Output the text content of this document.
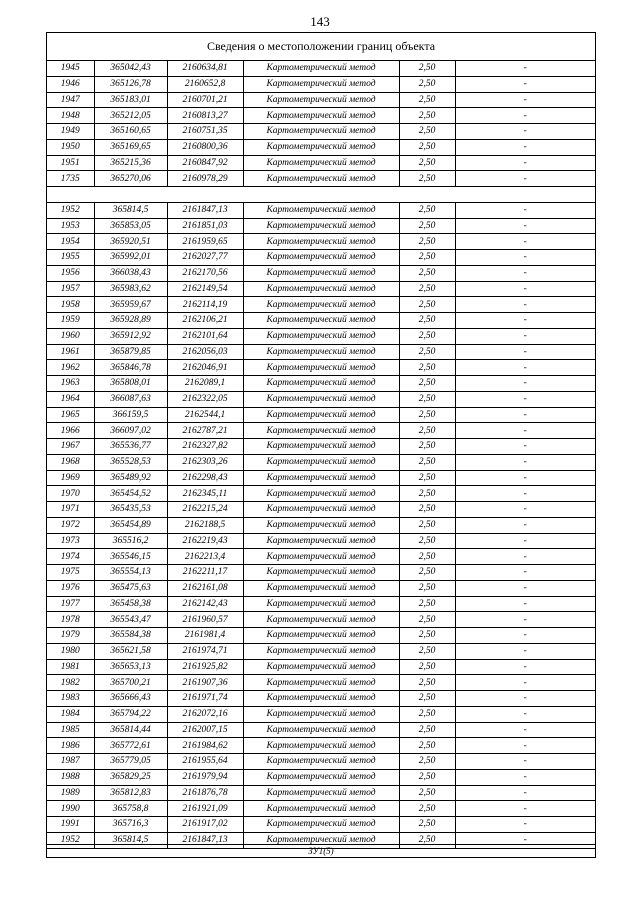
143
Сведения о местоположении границ объекта
1945	365042,43	2160634,81	Картометрический метод	2,50	-
1946	365126,78	2160652,8	Картометрический метод	2,50	-
1947	365183,01	2160701,21	Картометрический метод	2,50	-
1948	365212,05	2160813,27	Картометрический метод	2,50	-
1949	365160,65	2160751,35	Картометрический метод	2,50	-
1950	365169,65	2160800,36	Картометрический метод	2,50	-
1951	365215,36	2160847,92	Картометрический метод	2,50	-
1735	365270,06	2160978,29	Картометрический метод	2,50	-

1952	365814,5	2161847,13	Картометрический метод	2,50	-
1953	365853,05	2161851,03	Картометрический метод	2,50	-
1954	365920,51	2161959,65	Картометрический метод	2,50	-
1955	365992,01	2162027,77	Картометрический метод	2,50	-
1956	366038,43	2162170,56	Картометрический метод	2,50	-
1957	365983,62	2162149,54	Картометрический метод	2,50	-
1958	365959,67	2162114,19	Картометрический метод	2,50	-
1959	365928,89	2162106,21	Картометрический метод	2,50	-
1960	365912,92	2162101,64	Картометрический метод	2,50	-
1961	365879,85	2162056,03	Картометрический метод	2,50	-
1962	365846,78	2162046,91	Картометрический метод	2,50	-
1963	365808,01	2162089,1	Картометрический метод	2,50	-
1964	366087,63	2162322,05	Картометрический метод	2,50	-
1965	366159,5	2162544,1	Картометрический метод	2,50	-
1966	366097,02	2162787,21	Картометрический метод	2,50	-
1967	365536,77	2162327,82	Картометрический метод	2,50	-
1968	365528,53	2162303,26	Картометрический метод	2,50	-
1969	365489,92	2162298,43	Картометрический метод	2,50	-
1970	365454,52	2162345,11	Картометрический метод	2,50	-
1971	365435,53	2162215,24	Картометрический метод	2,50	-
1972	365454,89	2162188,5	Картометрический метод	2,50	-
1973	365516,2	2162219,43	Картометрический метод	2,50	-
1974	365546,15	2162213,4	Картометрический метод	2,50	-
1975	365554,13	2162211,17	Картометрический метод	2,50	-
1976	365475,63	2162161,08	Картометрический метод	2,50	-
1977	365458,38	2162142,43	Картометрический метод	2,50	-
1978	365543,47	2161960,57	Картометрический метод	2,50	-
1979	365584,38	2161981,4	Картометрический метод	2,50	-
1980	365621,58	2161974,71	Картометрический метод	2,50	-
1981	365653,13	2161925,82	Картометрический метод	2,50	-
1982	365700,21	2161907,36	Картометрический метод	2,50	-
1983	365666,43	2161971,74	Картометрический метод	2,50	-
1984	365794,22	2162072,16	Картометрический метод	2,50	-
1985	365814,44	2162007,15	Картометрический метод	2,50	-
1986	365772,61	2161984,62	Картометрический метод	2,50	-
1987	365779,05	2161955,64	Картометрический метод	2,50	-
1988	365829,25	2161979,94	Картометрический метод	2,50	-
1989	365812,83	2161876,78	Картометрический метод	2,50	-
1990	365758,8	2161921,09	Картометрический метод	2,50	-
1991	365716,3	2161917,02	Картометрический метод	2,50	-
1952	365814,5	2161847,13	Картометрический метод	2,50	-
ЗУ1(5)
